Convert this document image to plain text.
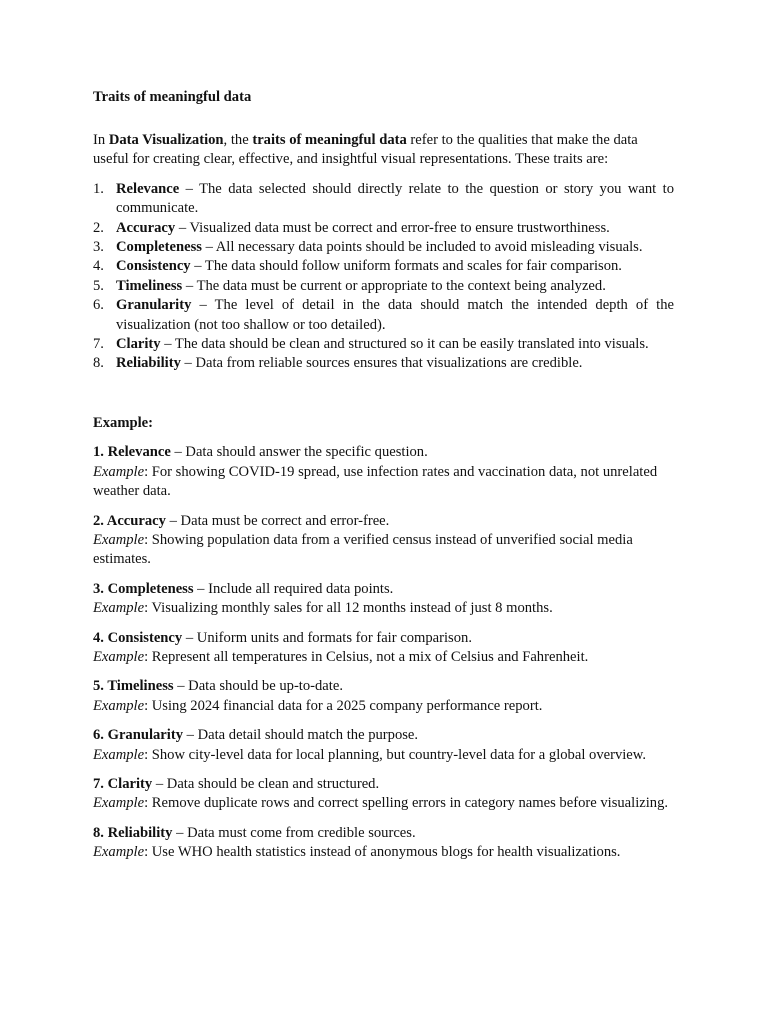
Traits of meaningful data

In Data Visualization, the traits of meaningful data refer to the qualities that make the data useful for creating clear, effective, and insightful visual representations. These traits are:

1. Relevance – The data selected should directly relate to the question or story you want to communicate.
2. Accuracy – Visualized data must be correct and error-free to ensure trustworthiness.
3. Completeness – All necessary data points should be included to avoid misleading visuals.
4. Consistency – The data should follow uniform formats and scales for fair comparison.
5. Timeliness – The data must be current or appropriate to the context being analyzed.
6. Granularity – The level of detail in the data should match the intended depth of the visualization (not too shallow or too detailed).
7. Clarity – The data should be clean and structured so it can be easily translated into visuals.
8. Reliability – Data from reliable sources ensures that visualizations are credible.

Example:

1. Relevance – Data should answer the specific question.
Example: For showing COVID-19 spread, use infection rates and vaccination data, not unrelated weather data.
2. Accuracy – Data must be correct and error-free.
Example: Showing population data from a verified census instead of unverified social media estimates.
3. Completeness – Include all required data points.
Example: Visualizing monthly sales for all 12 months instead of just 8 months.
4. Consistency – Uniform units and formats for fair comparison.
Example: Represent all temperatures in Celsius, not a mix of Celsius and Fahrenheit.
5. Timeliness – Data should be up-to-date.
Example: Using 2024 financial data for a 2025 company performance report.
6. Granularity – Data detail should match the purpose.
Example: Show city-level data for local planning, but country-level data for a global overview.
7. Clarity – Data should be clean and structured.
Example: Remove duplicate rows and correct spelling errors in category names before visualizing.
8. Reliability – Data must come from credible sources.
Example: Use WHO health statistics instead of anonymous blogs for health visualizations.
